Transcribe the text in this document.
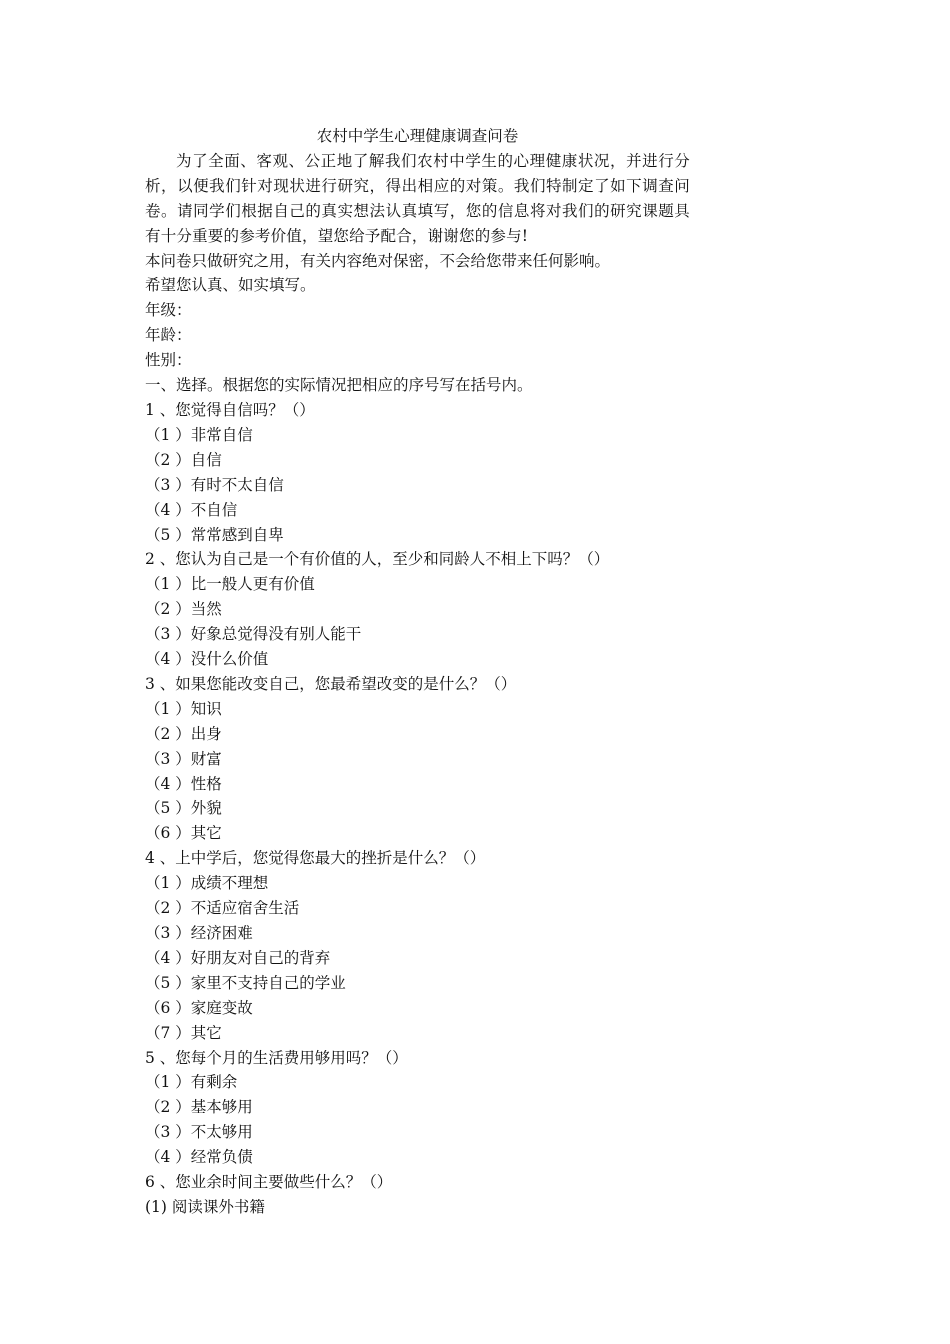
农村中学生心理健康调查问卷

为了全面、客观、公正地了解我们农村中学生的心理健康状况，并进行分析，以便我们针对现状进行研究，得出相应的对策。我们特制定了如下调查问卷。请同学们根据自己的真实想法认真填写，您的信息将对我们的研究课题具有十分重要的参考价值，望您给予配合，谢谢您的参与!

本问卷只做研究之用，有关内容绝对保密，不会给您带来任何影响。

希望您认真、如实填写。

年级：

年龄：

性别：

一、选择。根据您的实际情况把相应的序号写在括号内。

1 、您觉得自信吗？（）

（1 ）非常自信

（2 ）自信

（3 ）有时不太自信

（4 ）不自信

（5 ）常常感到自卑

2 、您认为自己是一个有价值的人，至少和同龄人不相上下吗？（）

（1 ）比一般人更有价值

（2 ）当然

（3 ）好象总觉得没有别人能干

（4 ）没什么价值

3 、如果您能改变自己，您最希望改变的是什么？（）

（1 ）知识

（2 ）出身

（3 ）财富

（4 ）性格

（5 ）外貌

（6 ）其它

4 、上中学后，您觉得您最大的挫折是什么？（）

（1 ）成绩不理想

（2 ）不适应宿舍生活

（3 ）经济困难

（4 ）好朋友对自己的背弃

（5 ）家里不支持自己的学业

（6 ）家庭变故

（7 ）其它

5 、您每个月的生活费用够用吗？（）

（1 ）有剩余

（2 ）基本够用

（3 ）不太够用

（4 ）经常负债

6 、您业余时间主要做些什么？（）

(1) 阅读课外书籍
